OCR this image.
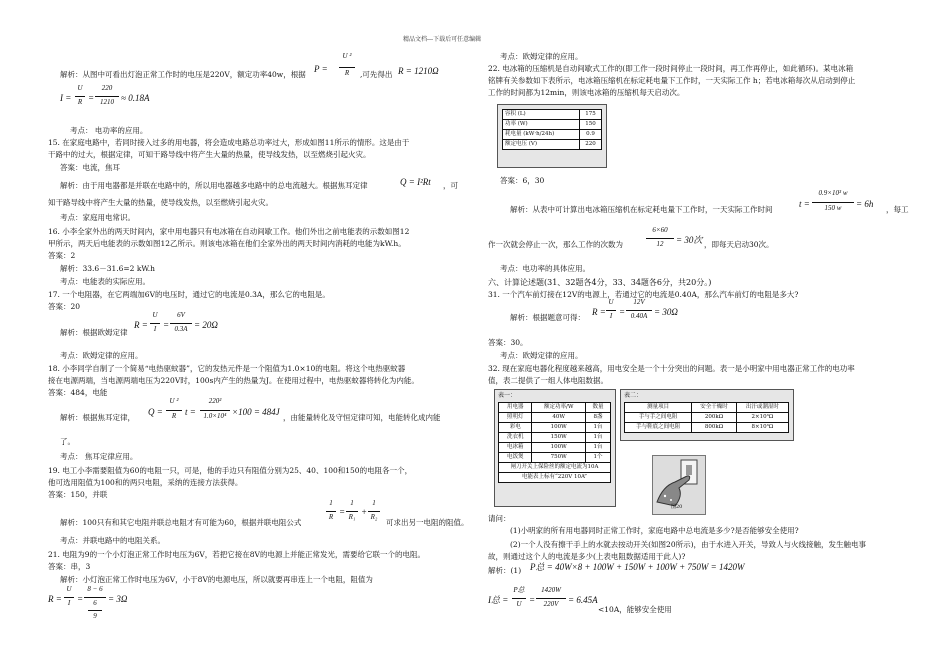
精品文档---下载后可任意编辑
解析：从图中可看出灯泡正常工作时的电压是220V，额定功率40w，根据
P =
U ²
R	,可先得出 R = 1210Ω
I =
U
R =
220
1210 ≈ 0.18A
考点： 电功率的应用。
15. 在家庭电路中，若同时接入过多的用电器，将会造成电路总功率过大，形成如图11所示的情形。这是由于
干路中的过大，根据定律，可知干路导线中将产生大量的热量，使导线发热，以至燃烧引起火灾。
答案：电流，焦耳
解析：由于用电器都是并联在电路中的，所以用电器越多电路中的总电流越大。根据焦耳定律	Q = I²Rt ，可
知干路导线中将产生大量的热量，使导线发热，以至燃烧引起火灾。
考点：家庭用电常识。
16. 小李全家外出的两天时间内，家中用电器只有电冰箱在自动间歇工作。他们外出之前电能表的示数如图12
甲所示，两天后电能表的示数如图12乙所示。则该电冰箱在他们全家外出的两天时间内消耗的电能为kW.h。
答案：2
解析：33.6－31.6=2 kW.h
考点：电能表的实际应用。
17. 一个电阻器，在它两端加6V的电压时，通过它的电流是0.3A，那么它的电阻是。
答案：20
解析：根据欧姆定律
R =
U
I =
6V
0.3A = 20Ω
考点：欧姆定律的应用。
18. 小李同学自制了一个简易“电热驱蚊器”，它的发热元件是一个阻值为1.0×10的电阻。将这个电热驱蚊器
接在电源两端，当电源两端电压为220V时，100s内产生的热量为J。在使用过程中，电热驱蚊器将转化为内能。
答案：484，电能
解析：根据焦耳定律，
Q =
U ²
R t =
220²
1.0×10⁴ ×100 = 484J
，由能量转化及守恒定律可知，电能转化成内能
了。
考点： 焦耳定律应用。
19. 电工小李需要阻值为60的电阻一只，可是，他的手边只有阻值分别为25、40、100和150的电阻各一个，
他可选用阻值为100和的两只电阻，采纳的连接方法获得。
答案：150，并联
解析：100只有和其它电阻并联总电阻才有可能为60，根据并联电阻公式
1
R =
1
R₁ +
1
R₂
可求出另一电阻的阻值。
考点：并联电路中的电阻关系。
21. 电阻为9的一个小灯泡正常工作时电压为6V，若把它接在8V的电源上并能正常发光，需要给它联一个的电阻。
答案：串，3
解析：小灯泡正常工作时电压为6V，小于8V的电源电压，所以就要再串连上一个电阻，阻值为
R =
U
I =
8 − 6
6
9
= 3Ω
考点：欧姆定律的应用。
22. 电冰箱的压缩机是自动间歇式工作的(即工作一段时间停止一段时间，再工作再停止，如此循环)。某电冰箱
铭牌有关参数如下表所示，电冰箱压缩机在标定耗电量下工作时，一天实际工作 h；若电冰箱每次从启动到停止
工作的时间都为12min，则该电冰箱的压缩机每天启动次。
容积 (L)	175
功率 (W)	150
耗电量 (kW·h/24h)	0.9
额定电压 (V)	220
答案：6，30
解析：从表中可计算出电冰箱压缩机在标定耗电量下工作时，一天实际工作时间
t =
0.9×10³ w
150 w	= 6h
，每工
作一次就会停止一次，那么工作的次数为
6×60
12	= 30次 ，即每天启动30次。
考点：电功率的具体应用。
六、计算论述题(31、32题各4分，33、34题各6分，共20分。)
31. 一个汽车前灯接在12V的电源上，若通过它的电流是0.40A，那么汽车前灯的电阻是多大?
解析：根据题意可得：
R =
U
I =
12V
0.40A = 30Ω
答案：30。
考点：欧姆定律的应用。
32. 现在家庭电器化程度越来越高，用电安全是一个十分突出的问题。表一是小明家中用电器正常工作的电功率
值，表二提供了一组人体电阻数据。
表一：
用电器	额定功率/W	数量
照明灯	40W	8盏
彩电	100W	1台
洗衣机	150W	1台
电冰箱	100W	1台
电饭煲	750W	1个
闸刀开关上保险丝的额定电流为10A		
电能表上标有“220V 10A”		
表二：
测量项目	安全干燥时	出汗或潮湿时
手与手之间电阻	200kΩ	2×10³Ω
手与鞋底之间电阻	800kΩ	8×10³Ω
图20
请问：
(1)小明家的所有用电器同时正常工作时，家庭电路中总电流是多少?是否能够安全使用?
(2)一个人没有擦干手上的水就去按动开关(如图20所示)，由于水进入开关，导致人与火线接触，发生触电事
故，则通过这个人的电流是多少(上表电阻数据适用于此人)?
解析：(1) P总 = 40W×8 + 100W + 150W + 100W + 750W = 1420W
I总 =
P总
U =
1420W
220V	= 6.45A
<10A，能够安全使用
